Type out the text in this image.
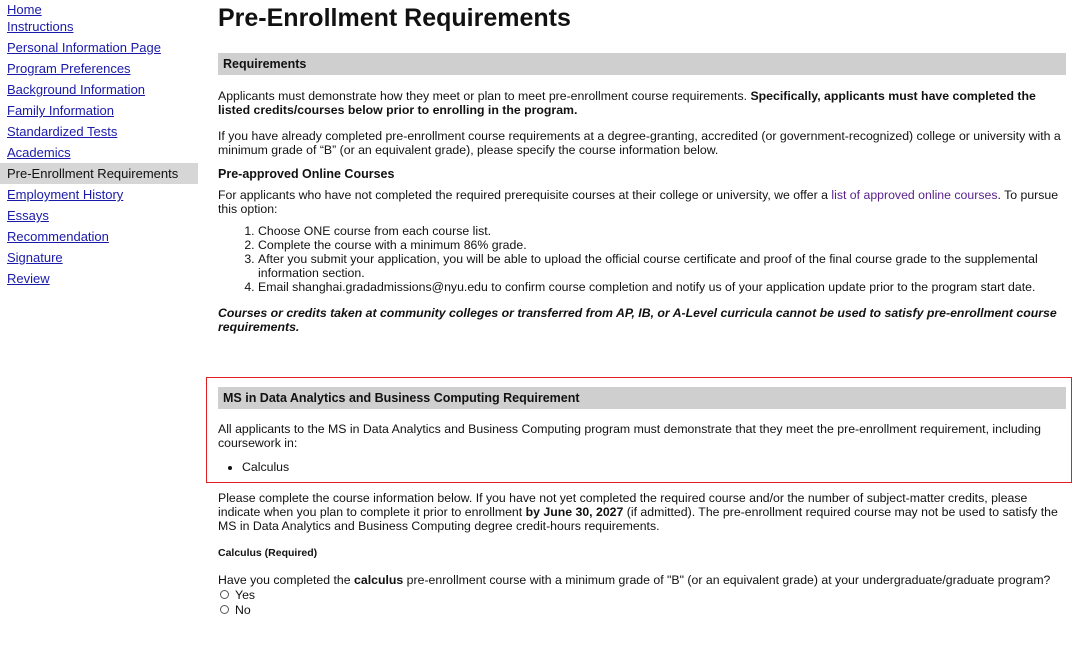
Home
Instructions
Personal Information Page
Program Preferences
Background Information
Family Information
Standardized Tests
Academics
Pre-Enrollment Requirements
Employment History
Essays
Recommendation
Signature
Review
Pre-Enrollment Requirements
Requirements

Applicants must demonstrate how they meet or plan to meet pre-enrollment course requirements. Specifically, applicants must have completed the listed credits/courses below prior to enrolling in the program.

If you have already completed pre-enrollment course requirements at a degree-granting, accredited (or government-recognized) college or university with a minimum grade of “B” (or an equivalent grade), please specify the course information below.

Pre-approved Online Courses

For applicants who have not completed the required prerequisite courses at their college or university, we offer a list of approved online courses. To pursue this option:

1. Choose ONE course from each course list.
2. Complete the course with a minimum 86% grade.
3. After you submit your application, you will be able to upload the official course certificate and proof of the final course grade to the supplemental information section.
4. Email shanghai.gradadmissions@nyu.edu to confirm course completion and notify us of your application update prior to the program start date.

Courses or credits taken at community colleges or transferred from AP, IB, or A-Level curricula cannot be used to satisfy pre-enrollment course requirements.

MS in Data Analytics and Business Computing Requirement

All applicants to the MS in Data Analytics and Business Computing program must demonstrate that they meet the pre-enrollment requirement, including coursework in:

• Calculus

Please complete the course information below. If you have not yet completed the required course and/or the number of subject-matter credits, please indicate when you plan to complete it prior to enrollment by June 30, 2027 (if admitted). The pre-enrollment required course may not be used to satisfy the MS in Data Analytics and Business Computing degree credit-hours requirements.

Calculus (Required)

Have you completed the calculus pre-enrollment course with a minimum grade of "B" (or an equivalent grade) at your undergraduate/graduate program?

Yes
No
